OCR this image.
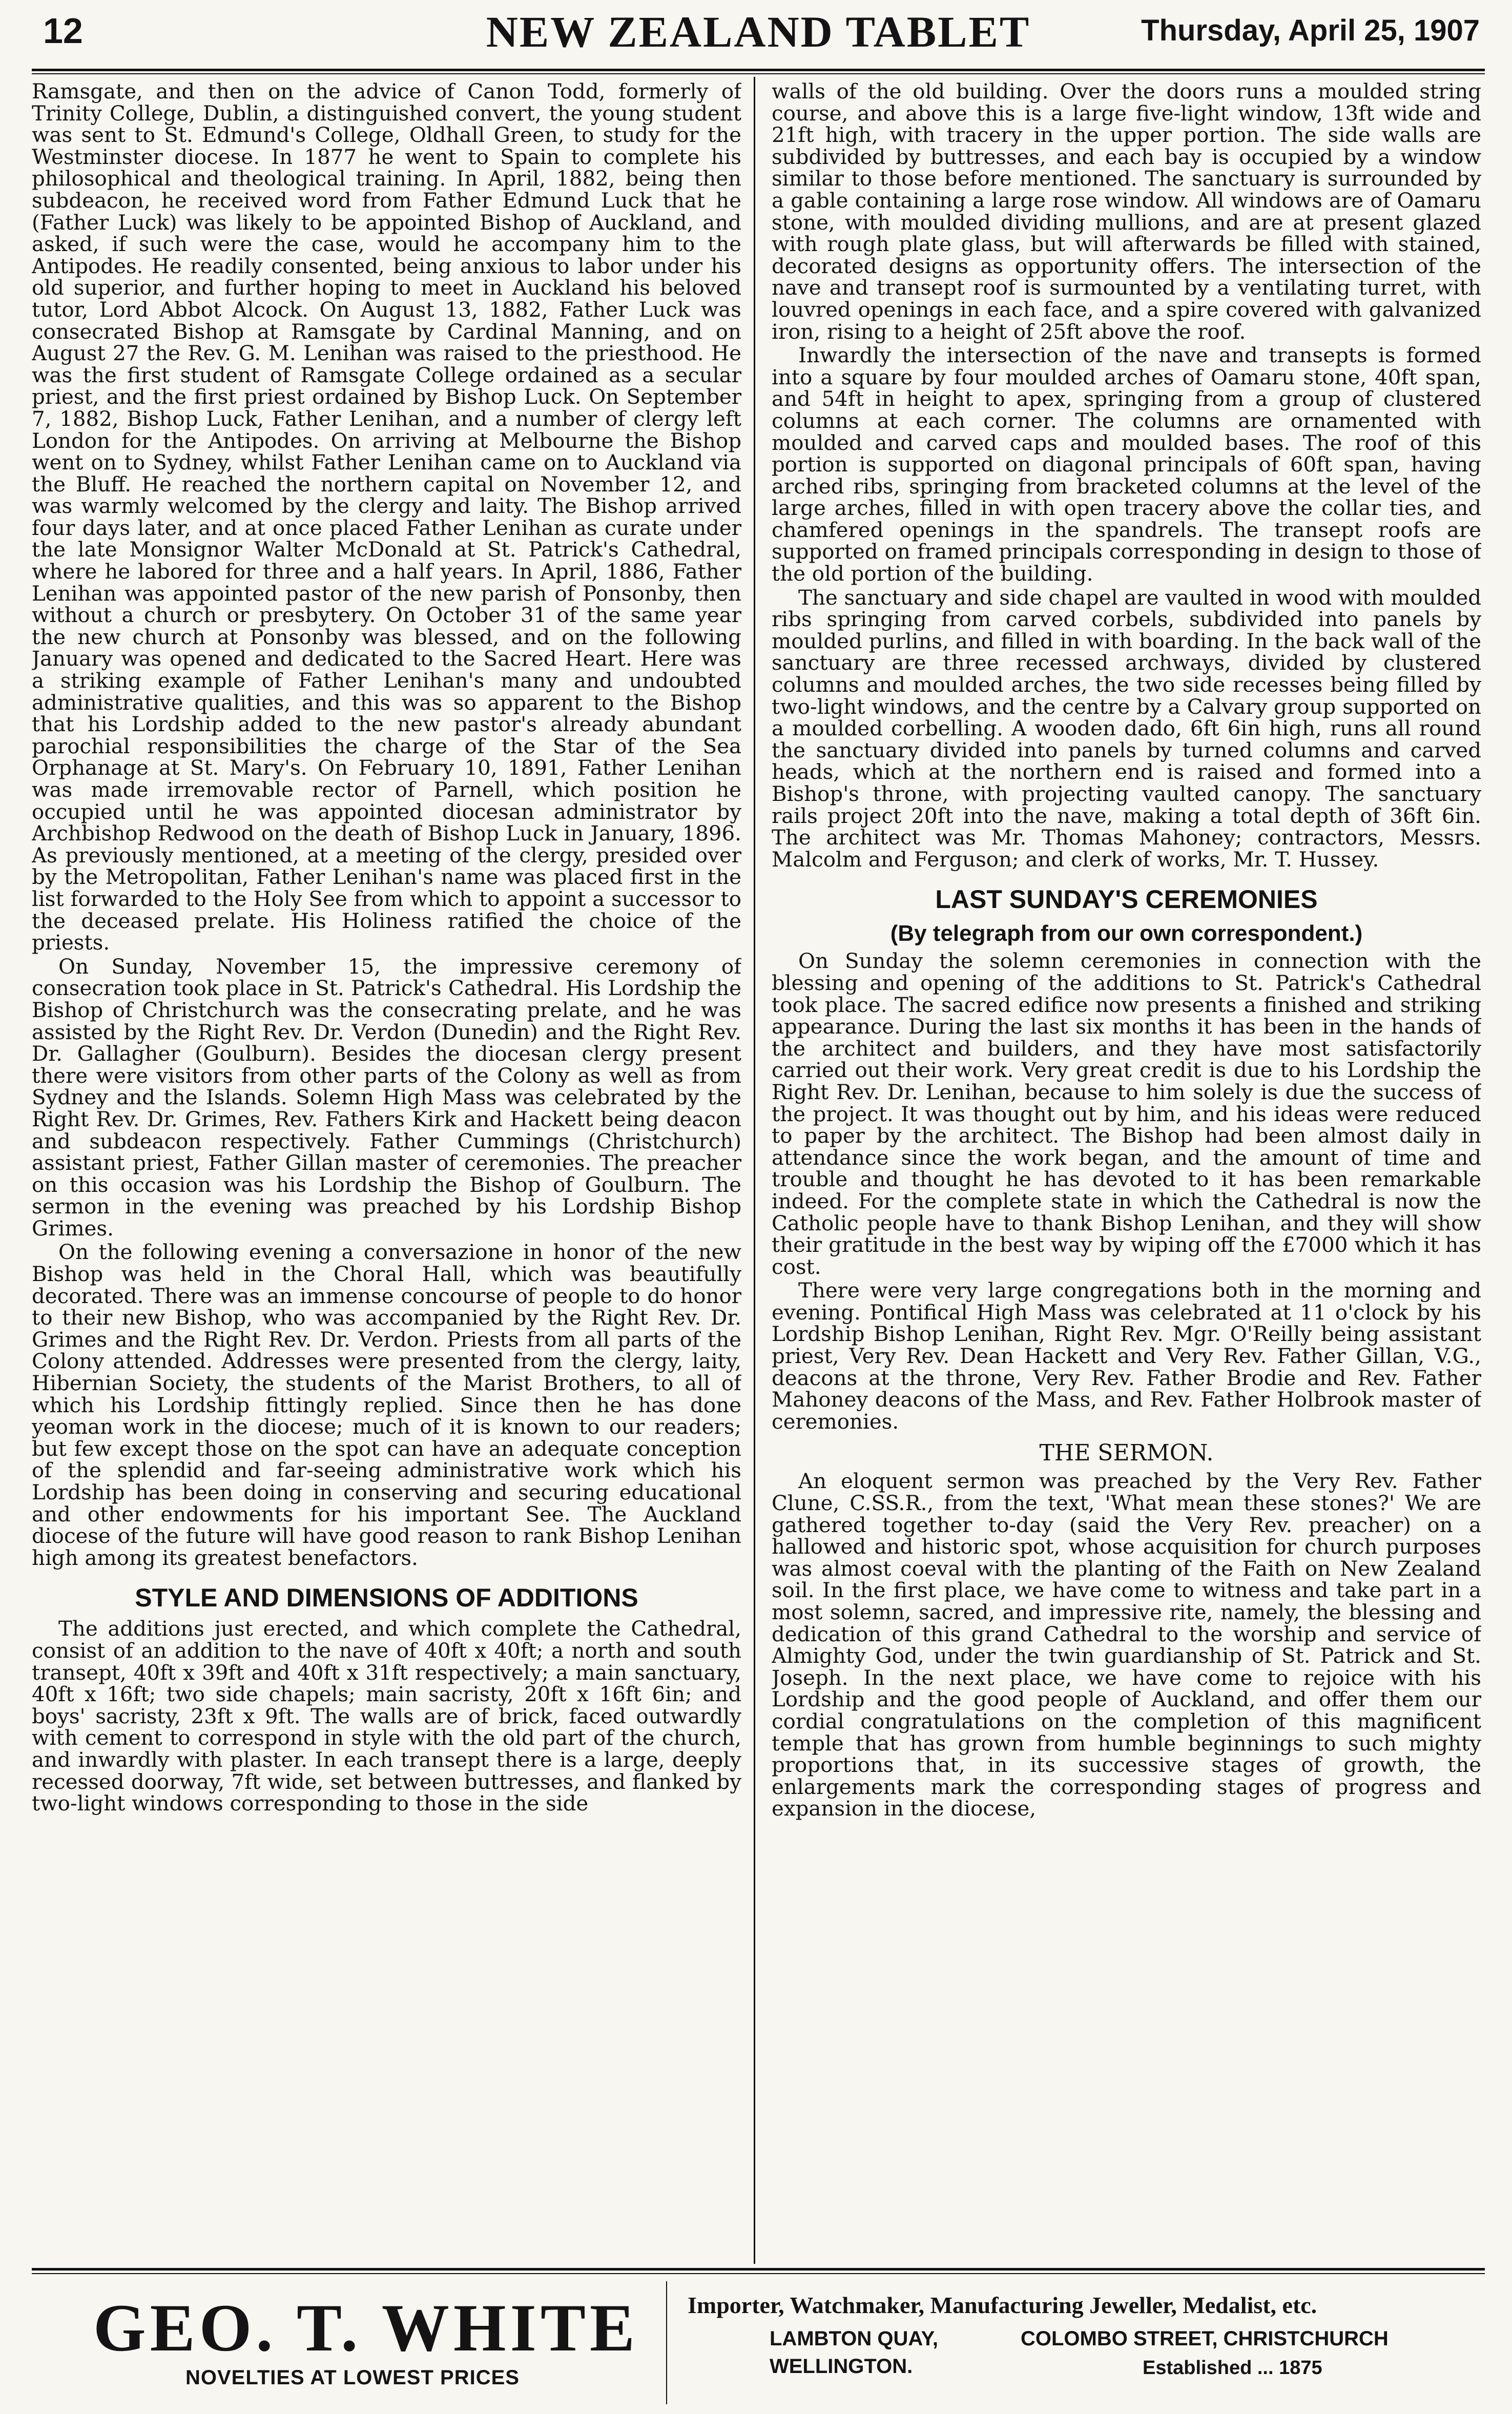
12	NEW ZEALAND TABLET	Thursday, April 25, 1907

Ramsgate, and then on the advice of Canon Todd, formerly of Trinity College, Dublin, a distinguished convert, the young student was sent to St. Edmund's College, Oldhall Green, to study for the Westminster diocese. In 1877 he went to Spain to complete his philosophical and theological training. In April, 1882, being then subdeacon, he received word from Father Edmund Luck that he (Father Luck) was likely to be appointed Bishop of Auckland, and asked, if such were the case, would he accompany him to the Antipodes. He readily consented, being anxious to labor under his old superior, and further hoping to meet in Auckland his beloved tutor, Lord Abbot Alcock. On August 13, 1882, Father Luck was consecrated Bishop at Ramsgate by Cardinal Manning, and on August 27 the Rev. G. M. Lenihan was raised to the priesthood. He was the first student of Ramsgate College ordained as a secular priest, and the first priest ordained by Bishop Luck. On September 7, 1882, Bishop Luck, Father Lenihan, and a number of clergy left London for the Antipodes. On arriving at Melbourne the Bishop went on to Sydney, whilst Father Lenihan came on to Auckland via the Bluff. He reached the northern capital on November 12, and was warmly welcomed by the clergy and laity. The Bishop arrived four days later, and at once placed Father Lenihan as curate under the late Monsignor Walter McDonald at St. Patrick's Cathedral, where he labored for three and a half years. In April, 1886, Father Lenihan was appointed pastor of the new parish of Ponsonby, then without a church or presbytery. On October 31 of the same year the new church at Ponsonby was blessed, and on the following January was opened and dedicated to the Sacred Heart. Here was a striking example of Father Lenihan's many and undoubted administrative qualities, and this was so apparent to the Bishop that his Lordship added to the new pastor's already abundant parochial responsibilities the charge of the Star of the Sea Orphanage at St. Mary's. On February 10, 1891, Father Lenihan was made irremovable rector of Parnell, which position he occupied until he was appointed diocesan administrator by Archbishop Redwood on the death of Bishop Luck in January, 1896. As previously mentioned, at a meeting of the clergy, presided over by the Metropolitan, Father Lenihan's name was placed first in the list forwarded to the Holy See from which to appoint a successor to the deceased prelate. His Holiness ratified the choice of the priests.

On Sunday, November 15, the impressive ceremony of consecration took place in St. Patrick's Cathedral. His Lordship the Bishop of Christchurch was the consecrating prelate, and he was assisted by the Right Rev. Dr. Verdon (Dunedin) and the Right Rev. Dr. Gallagher (Goulburn). Besides the diocesan clergy present there were visitors from other parts of the Colony as well as from Sydney and the Islands. Solemn High Mass was celebrated by the Right Rev. Dr. Grimes, Rev. Fathers Kirk and Hackett being deacon and subdeacon respectively. Father Cummings (Christchurch) assistant priest, Father Gillan master of ceremonies. The preacher on this occasion was his Lordship the Bishop of Goulburn. The sermon in the evening was preached by his Lordship Bishop Grimes.

On the following evening a conversazione in honor of the new Bishop was held in the Choral Hall, which was beautifully decorated. There was an immense concourse of people to do honor to their new Bishop, who was accompanied by the Right Rev. Dr. Grimes and the Right Rev. Dr. Verdon. Priests from all parts of the Colony attended. Addresses were presented from the clergy, laity, Hibernian Society, the students of the Marist Brothers, to all of which his Lordship fittingly replied. Since then he has done yeoman work in the diocese; much of it is known to our readers; but few except those on the spot can have an adequate conception of the splendid and far-seeing administrative work which his Lordship has been doing in conserving and securing educational and other endowments for his important See. The Auckland diocese of the future will have good reason to rank Bishop Lenihan high among its greatest benefactors.

STYLE AND DIMENSIONS OF ADDITIONS

The additions just erected, and which complete the Cathedral, consist of an addition to the nave of 40ft x 40ft; a north and south transept, 40ft x 39ft and 40ft x 31ft respectively; a main sanctuary, 40ft x 16ft; two side chapels; main sacristy, 20ft x 16ft 6in; and boys' sacristy, 23ft x 9ft. The walls are of brick, faced outwardly with cement to correspond in style with the old part of the church, and inwardly with plaster. In each transept there is a large, deeply recessed doorway, 7ft wide, set between buttresses, and flanked by two-light windows corresponding to those in the side

walls of the old building. Over the doors runs a moulded string course, and above this is a large five-light window, 13ft wide and 21ft high, with tracery in the upper portion. The side walls are subdivided by buttresses, and each bay is occupied by a window similar to those before mentioned. The sanctuary is surrounded by a gable containing a large rose window. All windows are of Oamaru stone, with moulded dividing mullions, and are at present glazed with rough plate glass, but will afterwards be filled with stained, decorated designs as opportunity offers. The intersection of the nave and transept roof is surmounted by a ventilating turret, with louvred openings in each face, and a spire covered with galvanized iron, rising to a height of 25ft above the roof.

Inwardly the intersection of the nave and transepts is formed into a square by four moulded arches of Oamaru stone, 40ft span, and 54ft in height to apex, springing from a group of clustered columns at each corner. The columns are ornamented with moulded and carved caps and moulded bases. The roof of this portion is supported on diagonal principals of 60ft span, having arched ribs, springing from bracketed columns at the level of the large arches, filled in with open tracery above the collar ties, and chamfered openings in the spandrels. The transept roofs are supported on framed principals corresponding in design to those of the old portion of the building.

The sanctuary and side chapel are vaulted in wood with moulded ribs springing from carved corbels, subdivided into panels by moulded purlins, and filled in with boarding. In the back wall of the sanctuary are three recessed archways, divided by clustered columns and moulded arches, the two side recesses being filled by two-light windows, and the centre by a Calvary group supported on a moulded corbelling. A wooden dado, 6ft 6in high, runs all round the sanctuary divided into panels by turned columns and carved heads, which at the northern end is raised and formed into a Bishop's throne, with projecting vaulted canopy. The sanctuary rails project 20ft into the nave, making a total depth of 36ft 6in. The architect was Mr. Thomas Mahoney; contractors, Messrs. Malcolm and Ferguson; and clerk of works, Mr. T. Hussey.

LAST SUNDAY'S CEREMONIES
(By telegraph from our own correspondent.)

On Sunday the solemn ceremonies in connection with the blessing and opening of the additions to St. Patrick's Cathedral took place. The sacred edifice now presents a finished and striking appearance. During the last six months it has been in the hands of the architect and builders, and they have most satisfactorily carried out their work. Very great credit is due to his Lordship the Right Rev. Dr. Lenihan, because to him solely is due the success of the project. It was thought out by him, and his ideas were reduced to paper by the architect. The Bishop had been almost daily in attendance since the work began, and the amount of time and trouble and thought he has devoted to it has been remarkable indeed. For the complete state in which the Cathedral is now the Catholic people have to thank Bishop Lenihan, and they will show their gratitude in the best way by wiping off the £7000 which it has cost.

There were very large congregations both in the morning and evening. Pontifical High Mass was celebrated at 11 o'clock by his Lordship Bishop Lenihan, Right Rev. Mgr. O'Reilly being assistant priest, Very Rev. Dean Hackett and Very Rev. Father Gillan, V.G., deacons at the throne, Very Rev. Father Brodie and Rev. Father Mahoney deacons of the Mass, and Rev. Father Holbrook master of ceremonies.

THE SERMON.

An eloquent sermon was preached by the Very Rev. Father Clune, C.SS.R., from the text, 'What mean these stones?' We are gathered together to-day (said the Very Rev. preacher) on a hallowed and historic spot, whose acquisition for church purposes was almost coeval with the planting of the Faith on New Zealand soil. In the first place, we have come to witness and take part in a most solemn, sacred, and impressive rite, namely, the blessing and dedication of this grand Cathedral to the worship and service of Almighty God, under the twin guardianship of St. Patrick and St. Joseph. In the next place, we have come to rejoice with his Lordship and the good people of Auckland, and offer them our cordial congratulations on the completion of this magnificent temple that has grown from humble beginnings to such mighty proportions that, in its successive stages of growth, the enlargements mark the corresponding stages of progress and expansion in the diocese,

GEO. T. WHITE
NOVELTIES AT LOWEST PRICES
Importer, Watchmaker, Manufacturing Jeweller, Medalist, etc.
LAMBTON QUAY,
WELLINGTON.
COLOMBO STREET, CHRISTCHURCH
Established ... 1875
